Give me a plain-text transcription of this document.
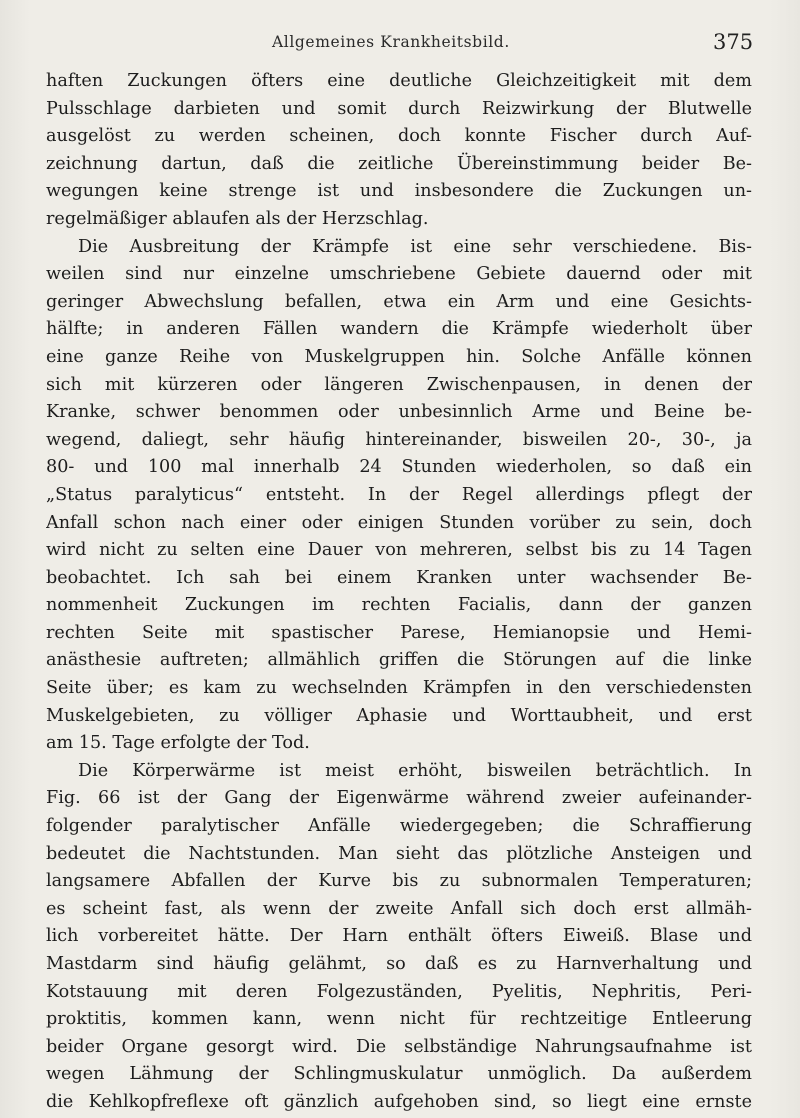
Allgemeines Krankheitsbild.	375
haften Zuckungen öfters eine deutliche Gleichzeitigkeit mit dem
Pulsschlage darbieten und somit durch Reizwirkung der Blutwelle
ausgelöst zu werden scheinen, doch konnte Fischer durch Auf-
zeichnung dartun, daß die zeitliche Übereinstimmung beider Be-
wegungen keine strenge ist und insbesondere die Zuckungen un-
regelmäßiger ablaufen als der Herzschlag.
Die Ausbreitung der Krämpfe ist eine sehr verschiedene. Bis-
weilen sind nur einzelne umschriebene Gebiete dauernd oder mit
geringer Abwechslung befallen, etwa ein Arm und eine Gesichts-
hälfte; in anderen Fällen wandern die Krämpfe wiederholt über
eine ganze Reihe von Muskelgruppen hin. Solche Anfälle können
sich mit kürzeren oder längeren Zwischenpausen, in denen der
Kranke, schwer benommen oder unbesinnlich Arme und Beine be-
wegend, daliegt, sehr häufig hintereinander, bisweilen 20-, 30-, ja
80- und 100 mal innerhalb 24 Stunden wiederholen, so daß ein
„Status paralyticus“ entsteht. In der Regel allerdings pflegt der
Anfall schon nach einer oder einigen Stunden vorüber zu sein, doch
wird nicht zu selten eine Dauer von mehreren, selbst bis zu 14 Tagen
beobachtet. Ich sah bei einem Kranken unter wachsender Be-
nommenheit Zuckungen im rechten Facialis, dann der ganzen
rechten Seite mit spastischer Parese, Hemianopsie und Hemi-
anästhesie auftreten; allmählich griffen die Störungen auf die linke
Seite über; es kam zu wechselnden Krämpfen in den verschiedensten
Muskelgebieten, zu völliger Aphasie und Worttaubheit, und erst
am 15. Tage erfolgte der Tod.
Die Körperwärme ist meist erhöht, bisweilen beträchtlich. In
Fig. 66 ist der Gang der Eigenwärme während zweier aufeinander-
folgender paralytischer Anfälle wiedergegeben; die Schraffierung
bedeutet die Nachtstunden. Man sieht das plötzliche Ansteigen und
langsamere Abfallen der Kurve bis zu subnormalen Temperaturen;
es scheint fast, als wenn der zweite Anfall sich doch erst allmäh-
lich vorbereitet hätte. Der Harn enthält öfters Eiweiß. Blase und
Mastdarm sind häufig gelähmt, so daß es zu Harnverhaltung und
Kotstauung mit deren Folgezuständen, Pyelitis, Nephritis, Peri-
proktitis, kommen kann, wenn nicht für rechtzeitige Entleerung
beider Organe gesorgt wird. Die selbständige Nahrungsaufnahme ist
wegen Lähmung der Schlingmuskulatur unmöglich. Da außerdem
die Kehlkopfreflexe oft gänzlich aufgehoben sind, so liegt eine ernste
